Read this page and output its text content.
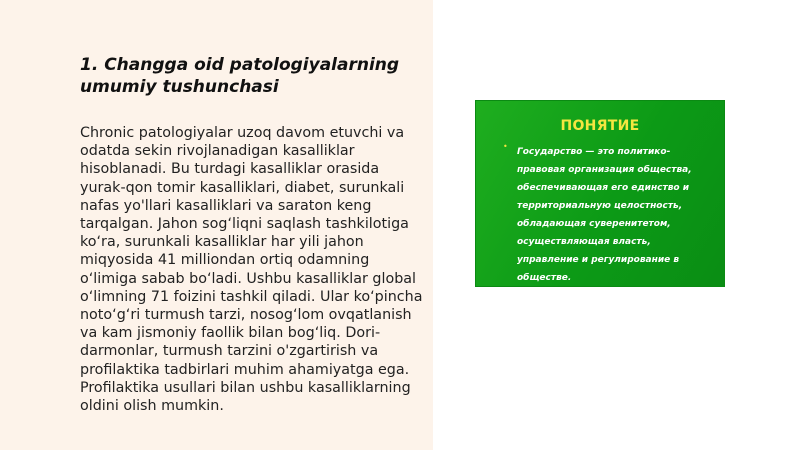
1. Changga oid patologiyalarning umumiy tushunchasi

Chronic patologiyalar uzoq davom etuvchi va odatda sekin rivojlanadigan kasalliklar hisoblanadi. Bu turdagi kasalliklar orasida yurak-qon tomir kasalliklari, diabet, surunkali nafas yo'llari kasalliklari va saraton keng tarqalgan. Jahon sog‘liqni saqlash tashkilotiga ko‘ra, surunkali kasalliklar har yili jahon miqyosida 41 milliondan ortiq odamning o‘limiga sabab bo‘ladi. Ushbu kasalliklar global o‘limning 71 foizini tashkil qiladi. Ular ko‘pincha noto‘g‘ri turmush tarzi, nosog‘lom ovqatlanish va kam jismoniy faollik bilan bog‘liq. Dori-darmonlar, turmush tarzini o'zgartirish va profilaktika tadbirlari muhim ahamiyatga ega. Profilaktika usullari bilan ushbu kasalliklarning oldini olish mumkin.

ПОНЯТИЕ
•
Государство — это политико-правовая организация общества, обеспечивающая его единство и территориальную целостность, обладающая суверенитетом, осуществляющая власть, управление и регулирование в обществе.
